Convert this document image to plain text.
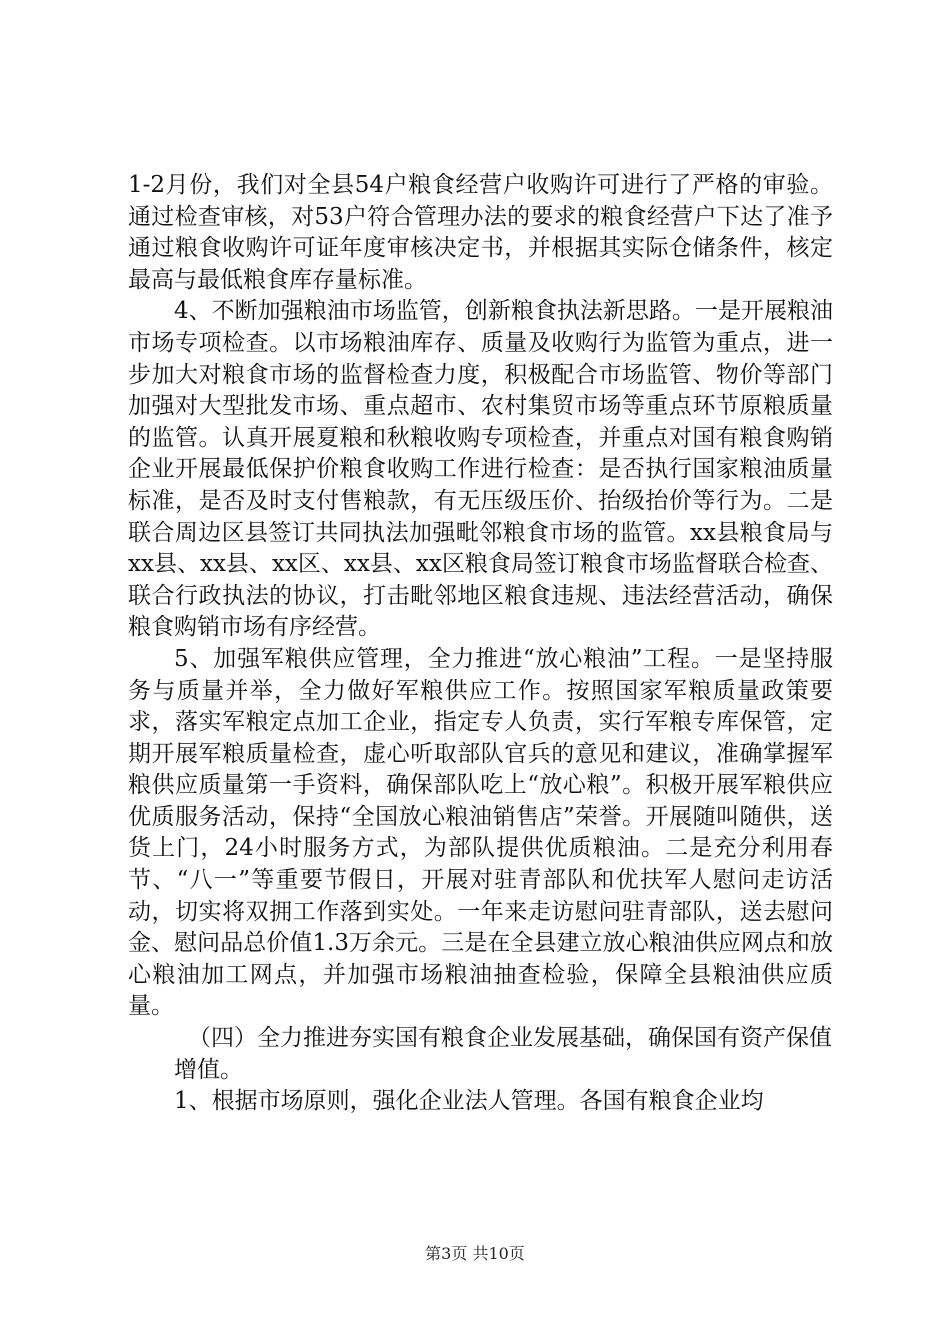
1-2月份，我们对全县54户粮食经营户收购许可进行了严格的审验。通过检查审核，对53户符合管理办法的要求的粮食经营户下达了准予通过粮食收购许可证年度审核决定书，并根据其实际仓储条件，核定最高与最低粮食库存量标准。

4、不断加强粮油市场监管，创新粮食执法新思路。一是开展粮油市场专项检查。以市场粮油库存、质量及收购行为监管为重点，进一步加大对粮食市场的监督检查力度，积极配合市场监管、物价等部门加强对大型批发市场、重点超市、农村集贸市场等重点环节原粮质量的监管。认真开展夏粮和秋粮收购专项检查，并重点对国有粮食购销企业开展最低保护价粮食收购工作进行检查：是否执行国家粮油质量标准，是否及时支付售粮款，有无压级压价、抬级抬价等行为。二是联合周边区县签订共同执法加强毗邻粮食市场的监管。xx县粮食局与xx县、xx县、xx区、xx县、xx区粮食局签订粮食市场监督联合检查、联合行政执法的协议，打击毗邻地区粮食违规、违法经营活动，确保粮食购销市场有序经营。

5、加强军粮供应管理，全力推进“放心粮油”工程。一是坚持服务与质量并举，全力做好军粮供应工作。按照国家军粮质量政策要求，落实军粮定点加工企业，指定专人负责，实行军粮专库保管，定期开展军粮质量检查，虚心听取部队官兵的意见和建议，准确掌握军粮供应质量第一手资料，确保部队吃上“放心粮”。积极开展军粮供应优质服务活动，保持“全国放心粮油销售店”荣誉。开展随叫随供，送货上门，24小时服务方式，为部队提供优质粮油。二是充分利用春节、“八一”等重要节假日，开展对驻青部队和优扶军人慰问走访活动，切实将双拥工作落到实处。一年来走访慰问驻青部队，送去慰问金、慰问品总价值1.3万余元。三是在全县建立放心粮油供应网点和放心粮油加工网点，并加强市场粮油抽查检验，保障全县粮油供应质量。

（四）全力推进夯实国有粮食企业发展基础，确保国有资产保值

增值。

1、根据市场原则，强化企业法人管理。各国有粮食企业均

第3页 共10页
